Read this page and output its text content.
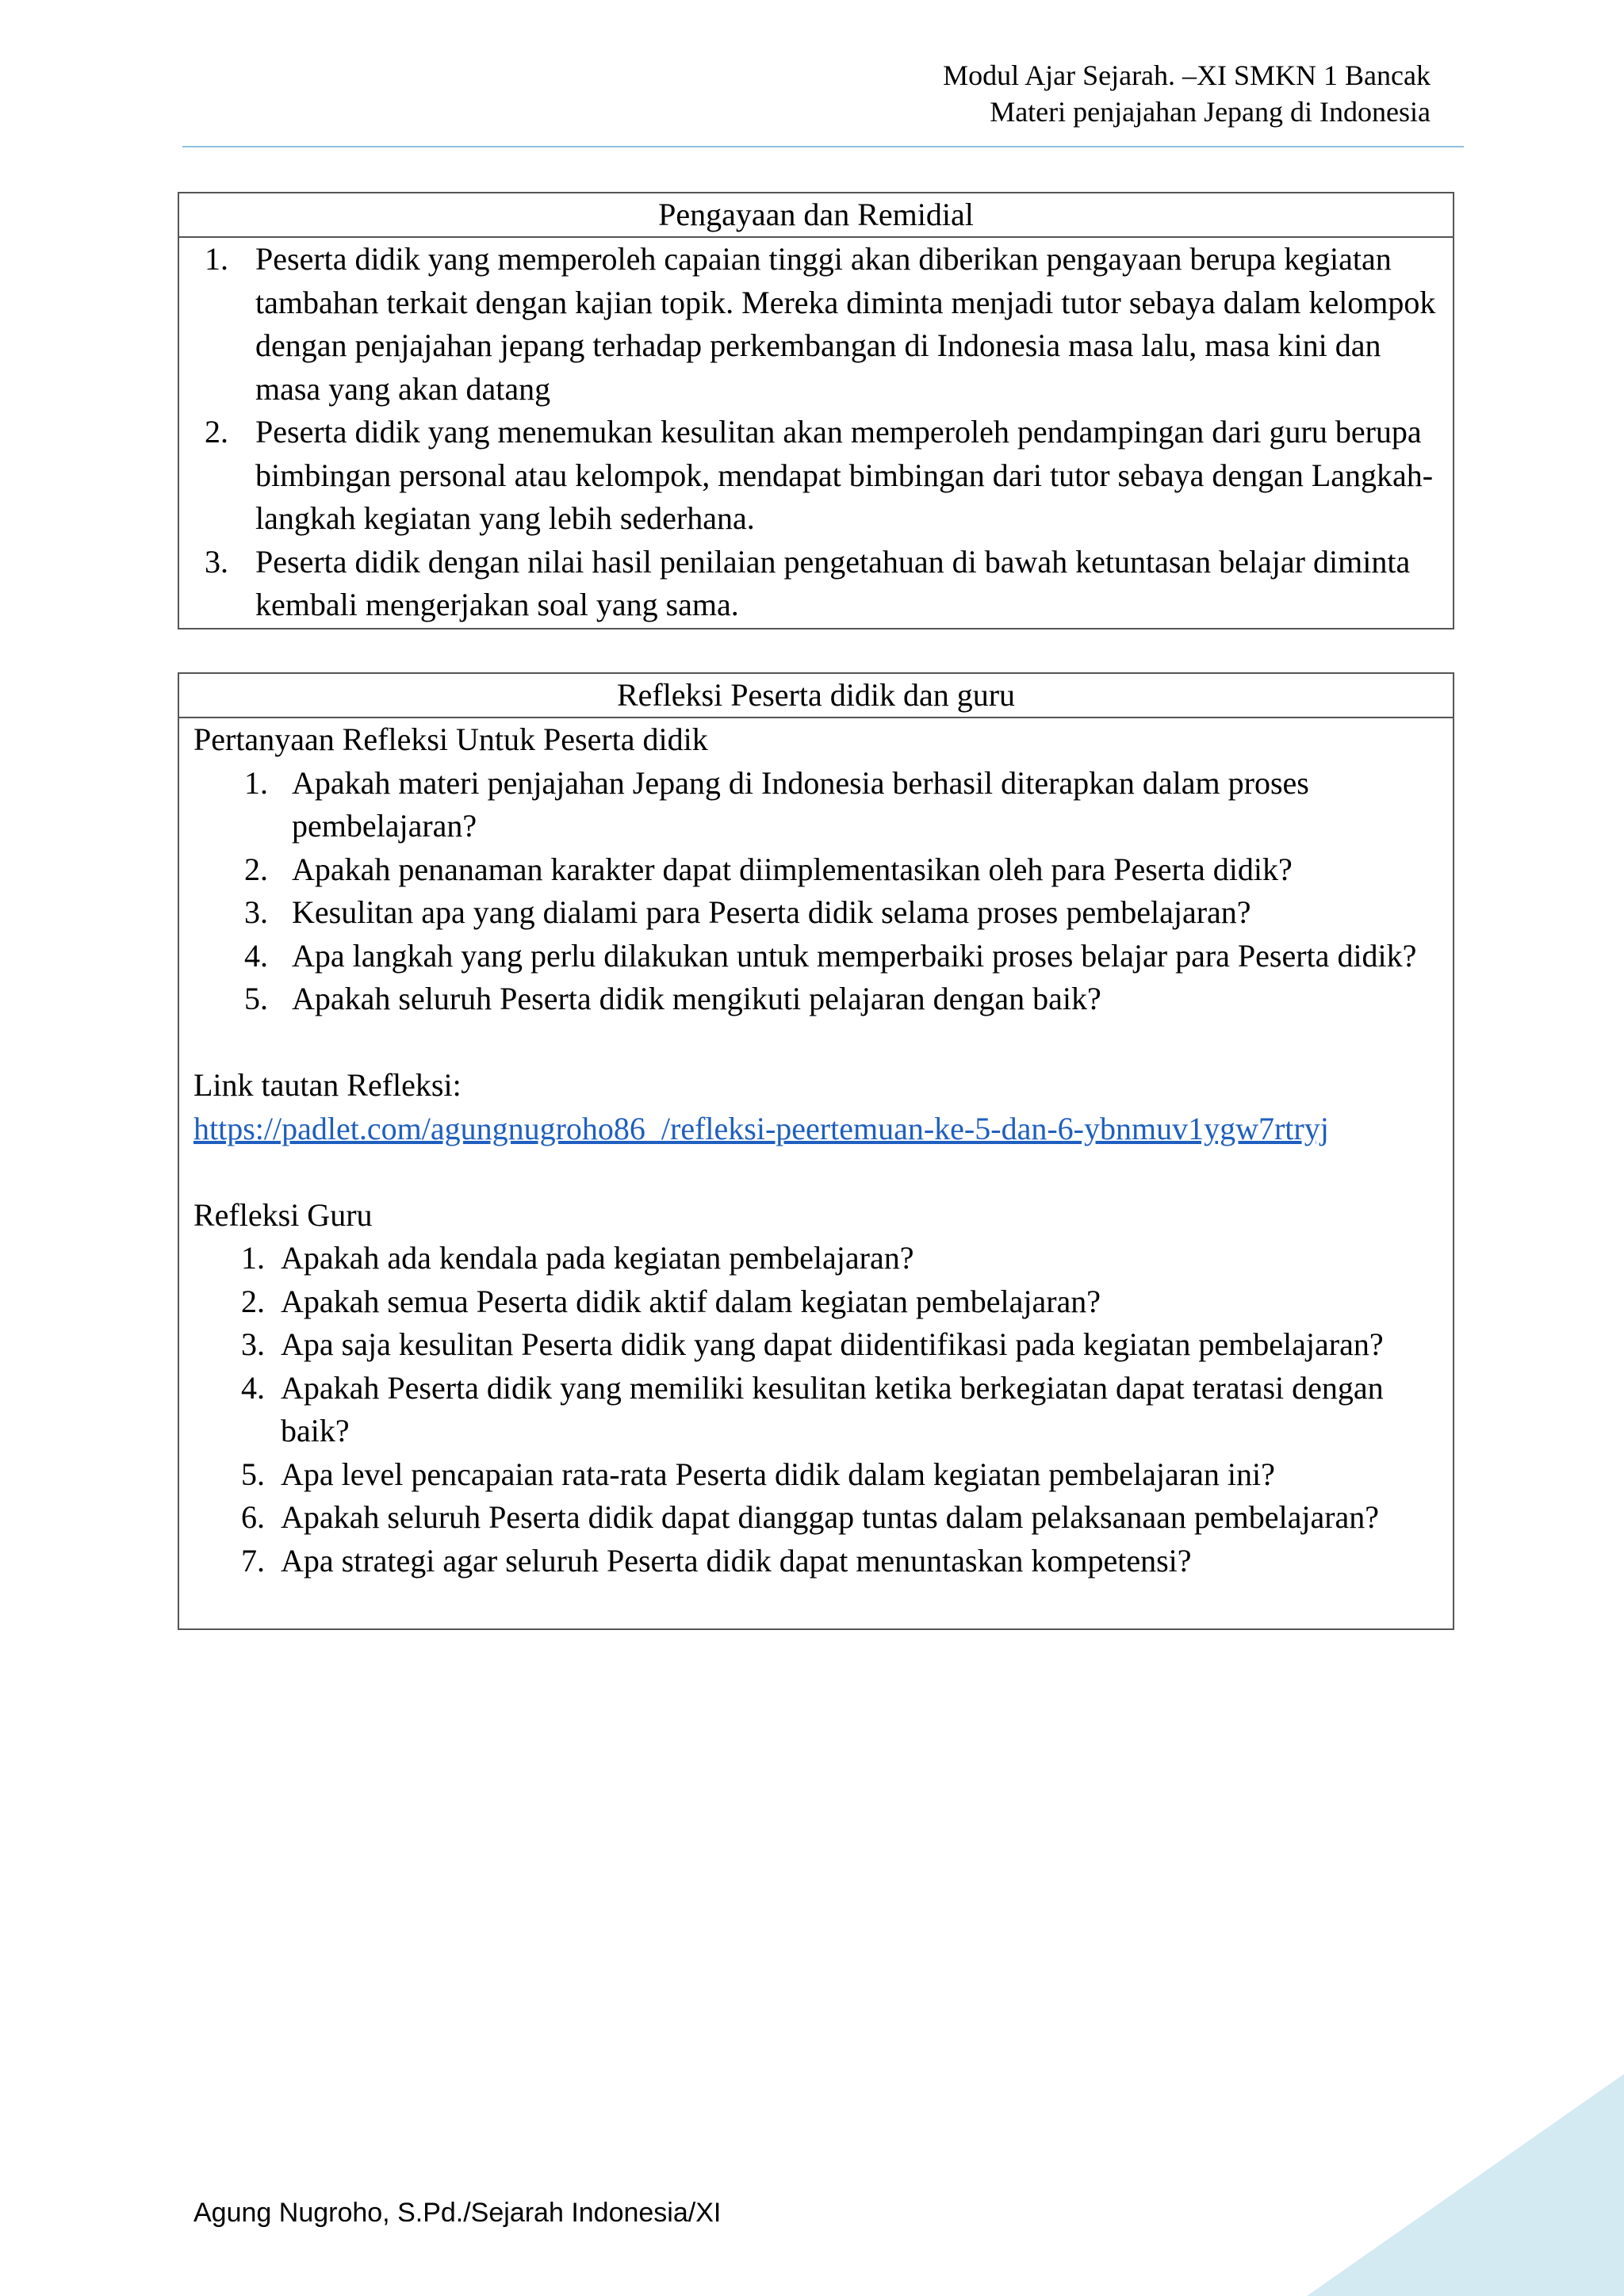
Modul Ajar Sejarah. –XI SMKN 1 Bancak
Materi penjajahan Jepang di Indonesia
Pengayaan dan Remidial
1. Peserta didik yang memperoleh capaian tinggi akan diberikan pengayaan berupa kegiatan tambahan terkait dengan kajian topik. Mereka diminta menjadi tutor sebaya dalam kelompok dengan penjajahan jepang terhadap perkembangan di Indonesia masa lalu, masa kini dan masa yang akan datang
2. Peserta didik yang menemukan kesulitan akan memperoleh pendampingan dari guru berupa bimbingan personal atau kelompok, mendapat bimbingan dari tutor sebaya dengan Langkah-langkah kegiatan yang lebih sederhana.
3. Peserta didik dengan nilai hasil penilaian pengetahuan di bawah ketuntasan belajar diminta kembali mengerjakan soal yang sama.
Refleksi Peserta didik dan guru
Pertanyaan Refleksi Untuk Peserta didik
1. Apakah materi penjajahan Jepang di Indonesia berhasil diterapkan dalam proses pembelajaran?
2. Apakah penanaman karakter dapat diimplementasikan oleh para Peserta didik?
3. Kesulitan apa yang dialami para Peserta didik selama proses pembelajaran?
4. Apa langkah yang perlu dilakukan untuk memperbaiki proses belajar para Peserta didik?
5. Apakah seluruh Peserta didik mengikuti pelajaran dengan baik?
Link tautan Refleksi:
https://padlet.com/agungnugroho86_/refleksi-peertemuan-ke-5-dan-6-ybnmuv1ygw7rtryj
Refleksi Guru
1. Apakah ada kendala pada kegiatan pembelajaran?
2. Apakah semua Peserta didik aktif dalam kegiatan pembelajaran?
3. Apa saja kesulitan Peserta didik yang dapat diidentifikasi pada kegiatan pembelajaran?
4. Apakah Peserta didik yang memiliki kesulitan ketika berkegiatan dapat teratasi dengan baik?
5. Apa level pencapaian rata-rata Peserta didik dalam kegiatan pembelajaran ini?
6. Apakah seluruh Peserta didik dapat dianggap tuntas dalam pelaksanaan pembelajaran?
7. Apa strategi agar seluruh Peserta didik dapat menuntaskan kompetensi?
Agung Nugroho, S.Pd./Sejarah Indonesia/XI
